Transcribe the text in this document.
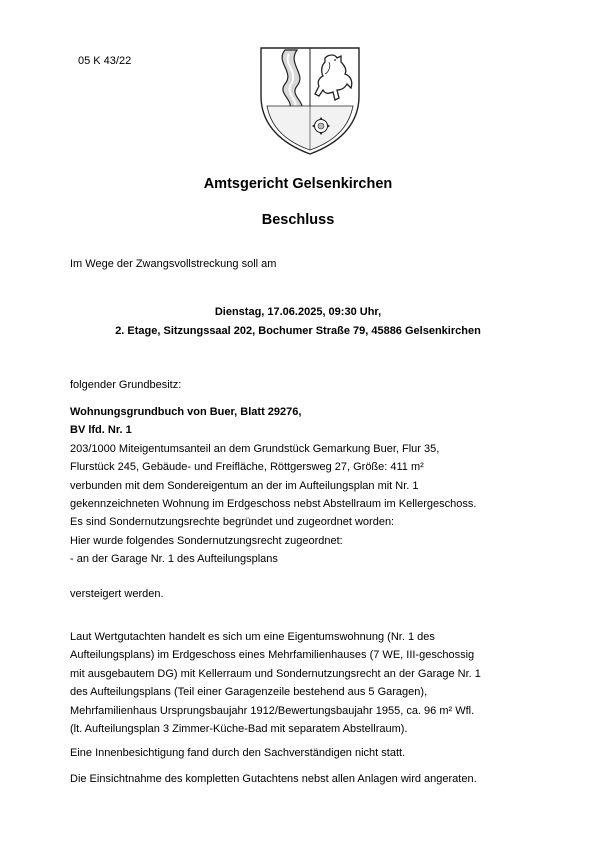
05 K 43/22
Amtsgericht Gelsenkirchen
Beschluss
Im Wege der Zwangsvollstreckung soll am
Dienstag, 17.06.2025, 09:30 Uhr,
2. Etage, Sitzungssaal 202, Bochumer Straße 79, 45886 Gelsenkirchen
folgender Grundbesitz:
Wohnungsgrundbuch von Buer, Blatt 29276,
BV lfd. Nr. 1
203/1000 Miteigentumsanteil an dem Grundstück Gemarkung Buer, Flur 35,
Flurstück 245, Gebäude- und Freifläche, Röttgersweg 27, Größe: 411 m²
verbunden mit dem Sondereigentum an der im Aufteilungsplan mit Nr. 1
gekennzeichneten Wohnung im Erdgeschoss nebst Abstellraum im Kellergeschoss.
Es sind Sondernutzungsrechte begründet und zugeordnet worden:
Hier wurde folgendes Sondernutzungsrecht zugeordnet:
- an der Garage Nr. 1 des Aufteilungsplans
versteigert werden.
Laut Wertgutachten handelt es sich um eine Eigentumswohnung (Nr. 1 des
Aufteilungsplans) im Erdgeschoss eines Mehrfamilienhauses (7 WE, III-geschossig
mit ausgebautem DG) mit Kellerraum und Sondernutzungsrecht an der Garage Nr. 1
des Aufteilungsplans (Teil einer Garagenzeile bestehend aus 5 Garagen),
Mehrfamilienhaus Ursprungsbaujahr 1912/Bewertungsbaujahr 1955, ca. 96 m² Wfl.
(lt. Aufteilungsplan 3 Zimmer-Küche-Bad mit separatem Abstellraum).
Eine Innenbesichtigung fand durch den Sachverständigen nicht statt.
Die Einsichtnahme des kompletten Gutachtens nebst allen Anlagen wird angeraten.
